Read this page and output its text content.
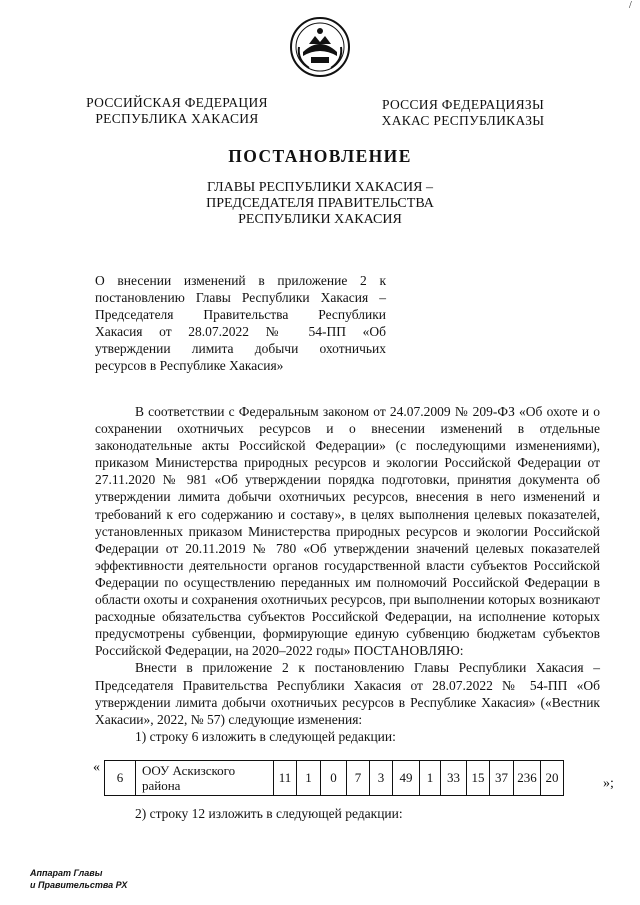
РОССИЙСКАЯ ФЕДЕРАЦИЯ
РЕСПУБЛИКА ХАКАСИЯ
РОССИЯ ФЕДЕРАЦИЯЗЫ
ХАКАС РЕСПУБЛИКАЗЫ
ПОСТАНОВЛЕНИЕ
ГЛАВЫ РЕСПУБЛИКИ ХАКАСИЯ –
ПРЕДСЕДАТЕЛЯ ПРАВИТЕЛЬСТВА
РЕСПУБЛИКИ ХАКАСИЯ
О внесении изменений в приложение 2 к
постановлению Главы Республики Хакасия –
Председателя Правительства Республики
Хакасия от 28.07.2022 № 54-ПП «Об
утверждении лимита добычи охотничьих
ресурсов в Республике Хакасия»

В соответствии с Федеральным законом от 24.07.2009 № 209-ФЗ «Об охоте и о сохранении охотничьих ресурсов и о внесении изменений в отдельные законодательные акты Российской Федерации» (с последующими изменениями), приказом Министерства природных ресурсов и экологии Российской Федерации от 27.11.2020 № 981 «Об утверждении порядка подготовки, принятия документа об утверждении лимита добычи охотничьих ресурсов, внесения в него изменений и требований к его содержанию и составу», в целях выполнения целевых показателей, установленных приказом Министерства природных ресурсов и экологии Российской Федерации от 20.11.2019 № 780 «Об утверждении значений целевых показателей эффективности деятельности органов государственной власти субъектов Российской Федерации по осуществлению переданных им полномочий Российской Федерации в области охоты и сохранения охотничьих ресурсов, при выполнении которых возникают расходные обязательства субъектов Российской Федерации, на исполнение которых предусмотрены субвенции, формирующие единую субвенцию бюджетам субъектов Российской Федерации, на 2020–2022 годы» ПОСТАНОВЛЯЮ:

Внести в приложение 2 к постановлению Главы Республики Хакасия – Председателя Правительства Республики Хакасия от 28.07.2022 № 54-ПП «Об утверждении лимита добычи охотничьих ресурсов в Республике Хакасия» («Вестник Хакасии», 2022, № 57) следующие изменения:

1) строку 6 изложить в следующей редакции:

«
6	ООУ Аскизского района	11	1	0	7	3	49	1	33	15	37	236	20	»;
2) строку 12 изложить в следующей редакции:
Аппарат Главы
и Правительства РХ
/
